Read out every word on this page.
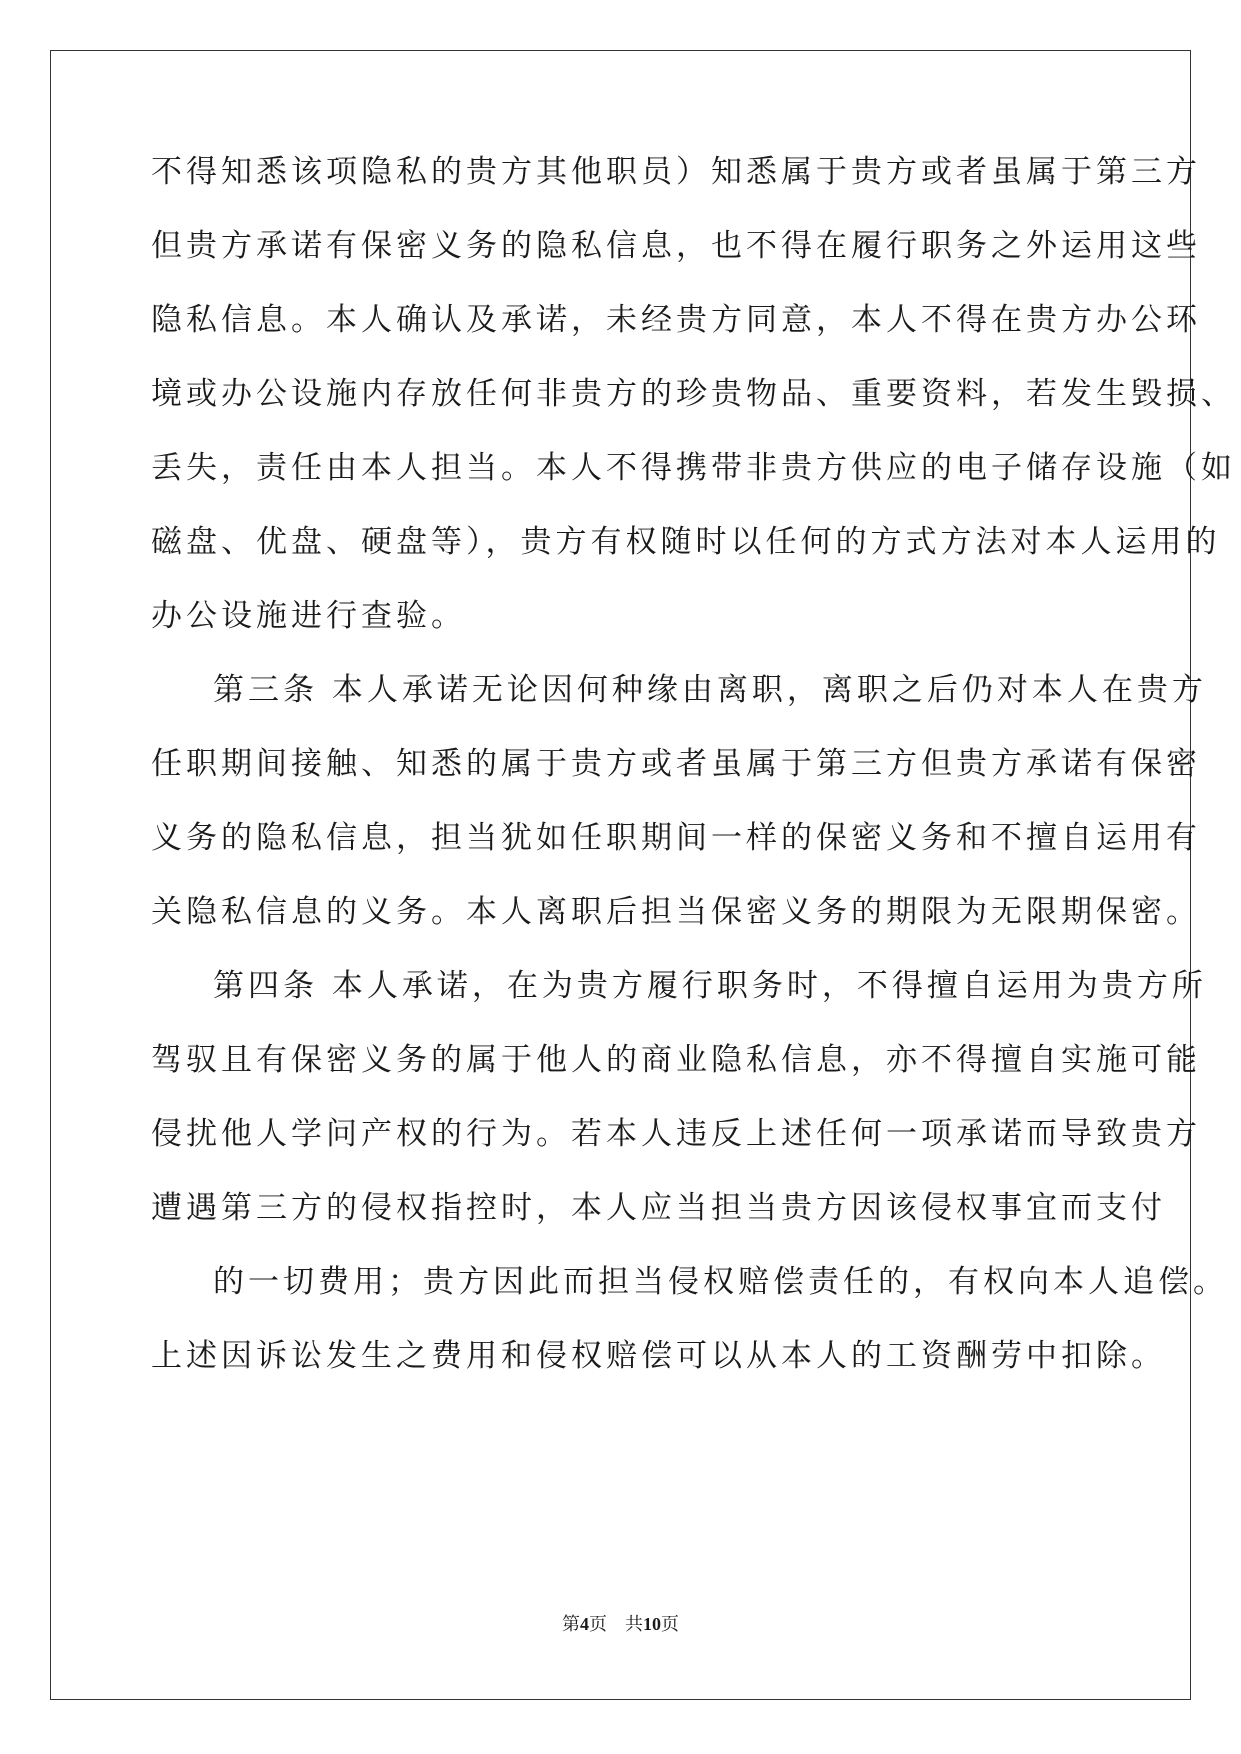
不得知悉该项隐私的贵方其他职员）知悉属于贵方或者虽属于第三方
但贵方承诺有保密义务的隐私信息，也不得在履行职务之外运用这些
隐私信息。本人确认及承诺，未经贵方同意，本人不得在贵方办公环
境或办公设施内存放任何非贵方的珍贵物品、重要资料，若发生毁损、
丢失，责任由本人担当。本人不得携带非贵方供应的电子储存设施（如
磁盘、优盘、硬盘等），贵方有权随时以任何的方式方法对本人运用的
办公设施进行查验。
第三条 本人承诺无论因何种缘由离职，离职之后仍对本人在贵方
任职期间接触、知悉的属于贵方或者虽属于第三方但贵方承诺有保密
义务的隐私信息，担当犹如任职期间一样的保密义务和不擅自运用有
关隐私信息的义务。本人离职后担当保密义务的期限为无限期保密。
第四条 本人承诺，在为贵方履行职务时，不得擅自运用为贵方所
驾驭且有保密义务的属于他人的商业隐私信息，亦不得擅自实施可能
侵扰他人学问产权的行为。若本人违反上述任何一项承诺而导致贵方
遭遇第三方的侵权指控时，本人应当担当贵方因该侵权事宜而支付
的一切费用；贵方因此而担当侵权赔偿责任的，有权向本人追偿。
上述因诉讼发生之费用和侵权赔偿可以从本人的工资酬劳中扣除。
第4页    共10页
